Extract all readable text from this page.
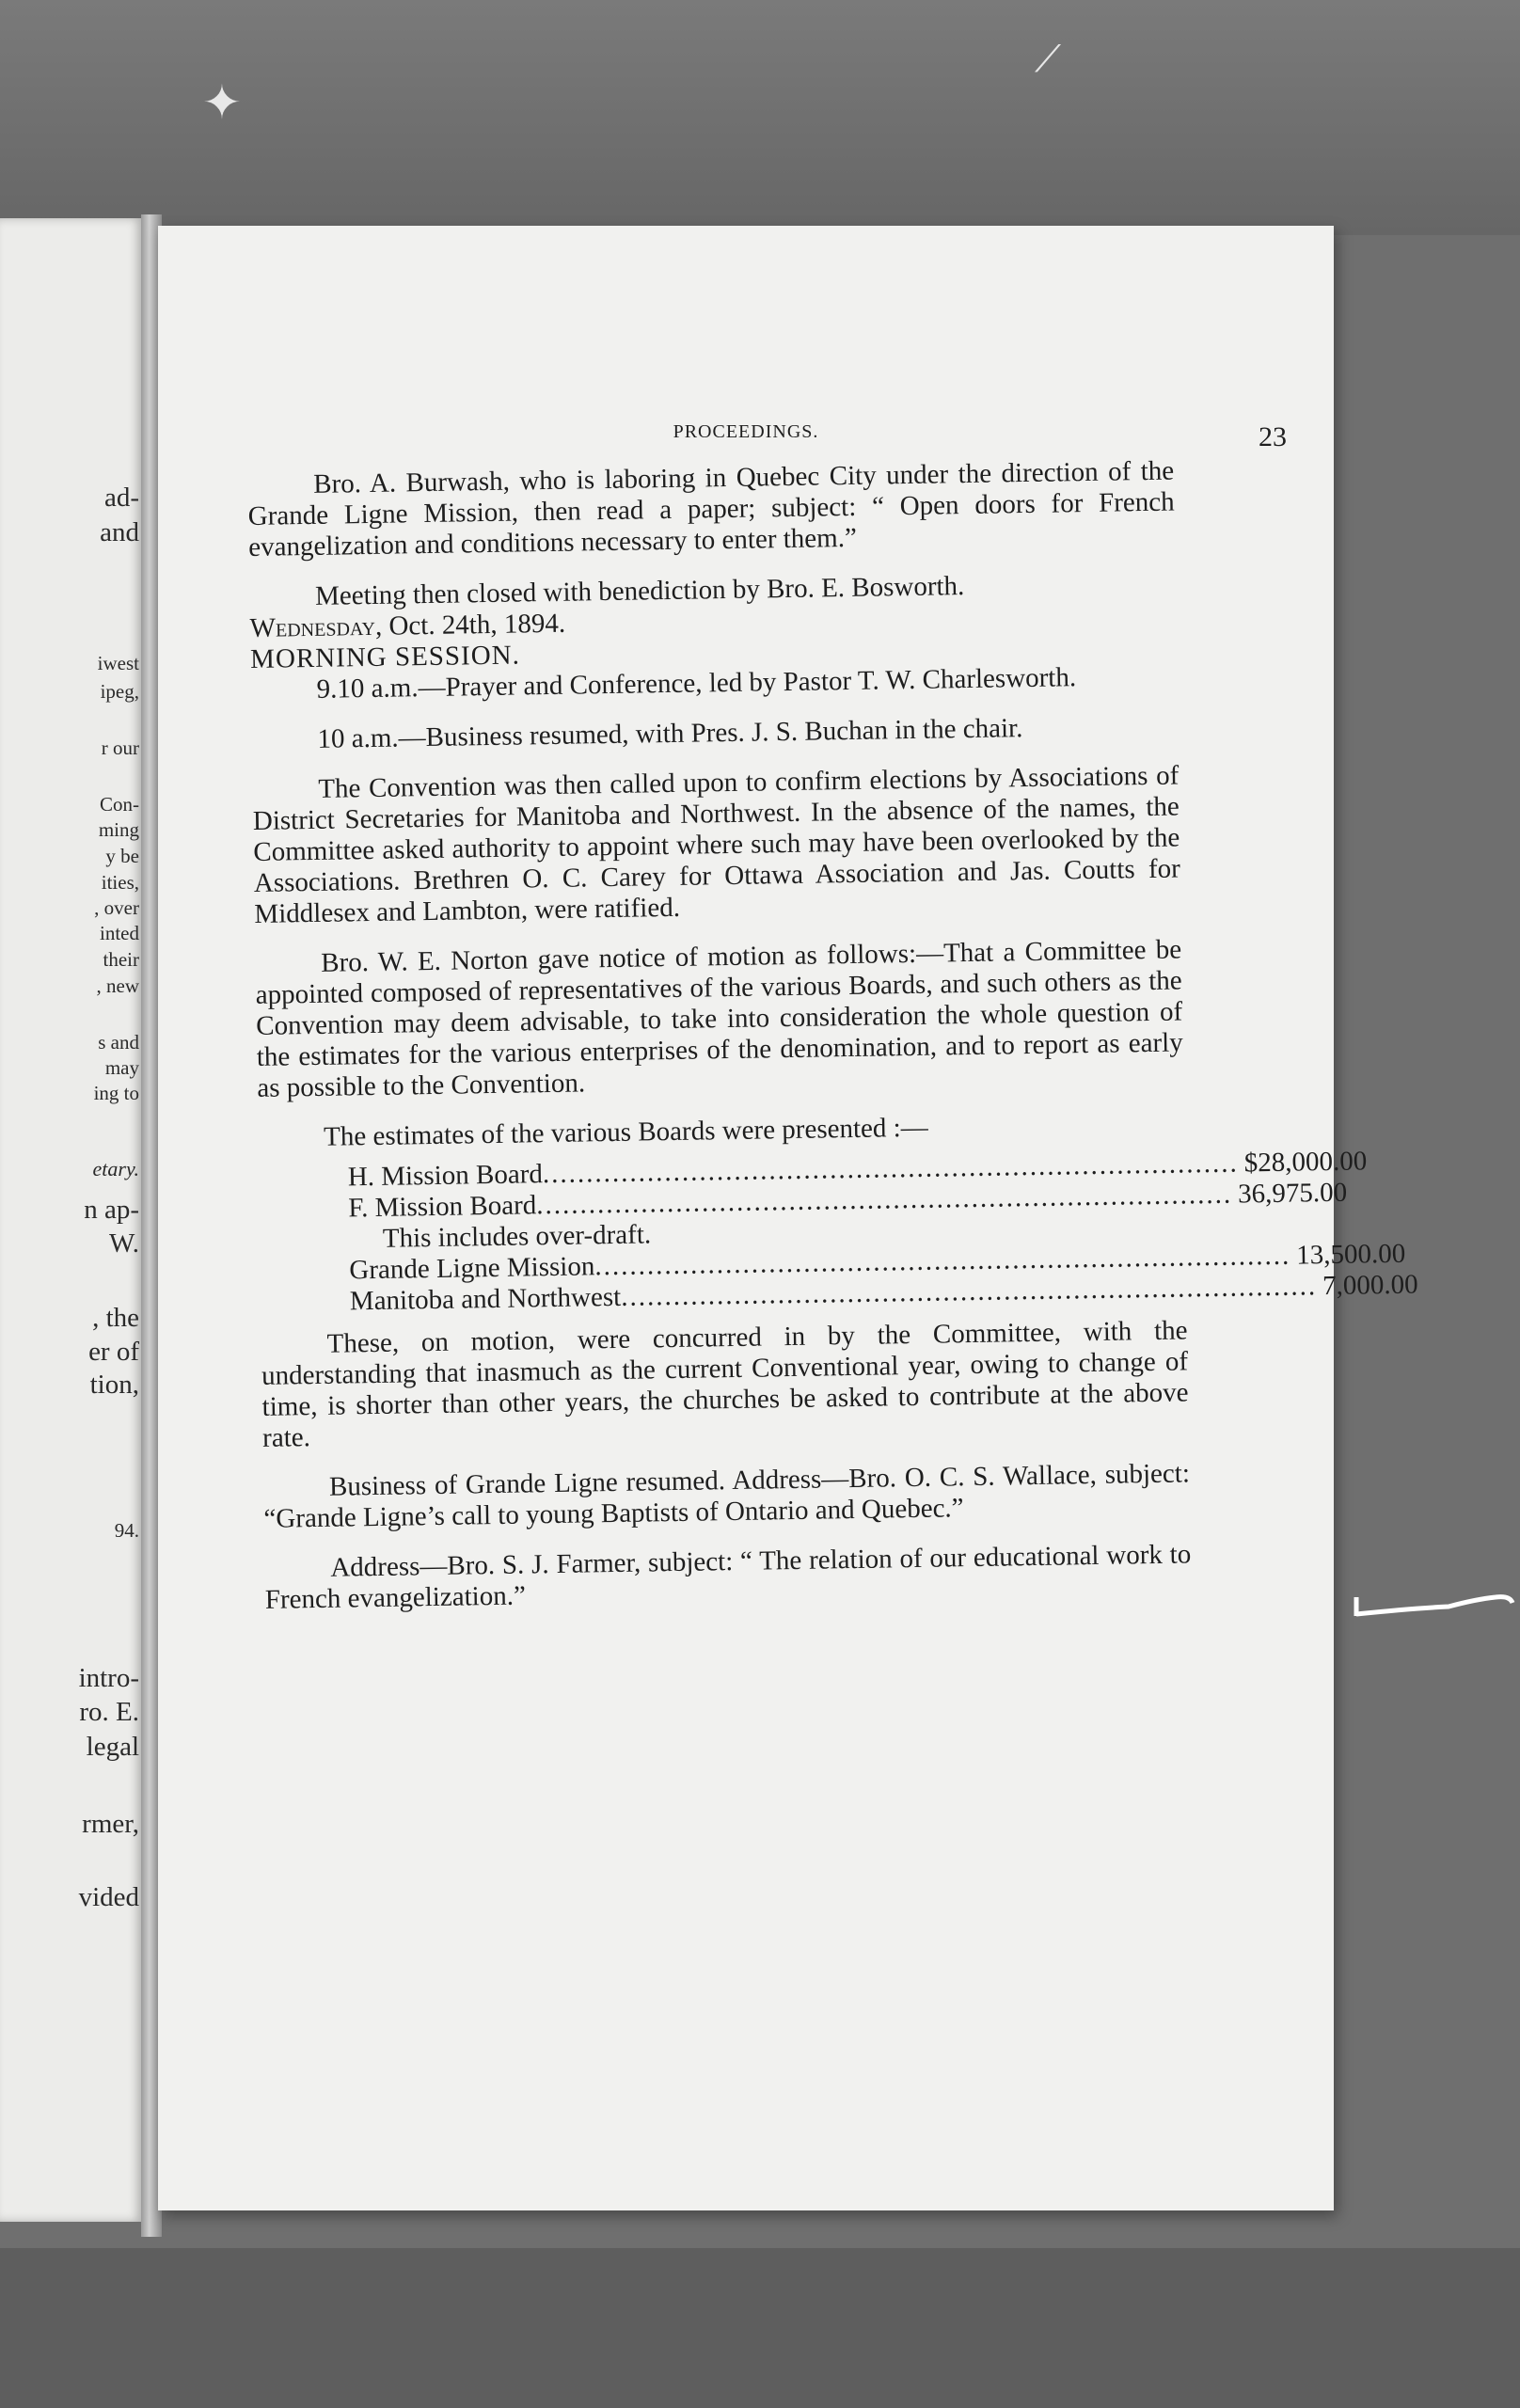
✦
⟋
ad-
and
iwest
ipeg,
r our
Con-
ming
y be
ities,
, over
inted
their
, new
s and
may
ing to
etary.
n ap-
W.
, the
er of
tion,
94.
intro-
ro. E.
legal
rmer,
vided
PROCEEDINGS.	23

Bro. A. Burwash, who is laboring in Quebec City under the direction of the Grande Ligne Mission, then read a paper; subject: “ Open doors for French evangelization and conditions necessary to enter them.”

Meeting then closed with benediction by Bro. E. Bosworth.

Wednesday, Oct. 24th, 1894.

MORNING SESSION.

9.10 a.m.—Prayer and Conference, led by Pastor T. W. Charlesworth.

10 a.m.—Business resumed, with Pres. J. S. Buchan in the chair.

The Convention was then called upon to confirm elections by Associations of District Secretaries for Manitoba and Northwest. In the absence of the names, the Committee asked authority to appoint where such may have been overlooked by the Associations. Brethren O. C. Carey for Ottawa Association and Jas. Coutts for Middlesex and Lambton, were ratified.

Bro. W. E. Norton gave notice of motion as follows:—That a Committee be appointed composed of representatives of the various Boards, and such others as the Convention may deem advisable, to take into consideration the whole question of the estimates for the various enterprises of the denomination, and to report as early as possible to the Convention.

The estimates of the various Boards were presented :—

H. Mission Board ................................................................................ $28,000.00
F. Mission Board ................................................................................ 36,975.00
This includes over-draft.
Grande Ligne Mission ................................................................................ 13,500.00
Manitoba and Northwest ................................................................................ 7,000.00

These, on motion, were concurred in by the Committee, with the understanding that inasmuch as the current Conventional year, owing to change of time, is shorter than other years, the churches be asked to contribute at the above rate.

Business of Grande Ligne resumed. Address—Bro. O. C. S. Wallace, subject: “Grande Ligne’s call to young Baptists of Ontario and Quebec.”

Address—Bro. S. J. Farmer, subject: “ The relation of our educational work to French evangelization.”
